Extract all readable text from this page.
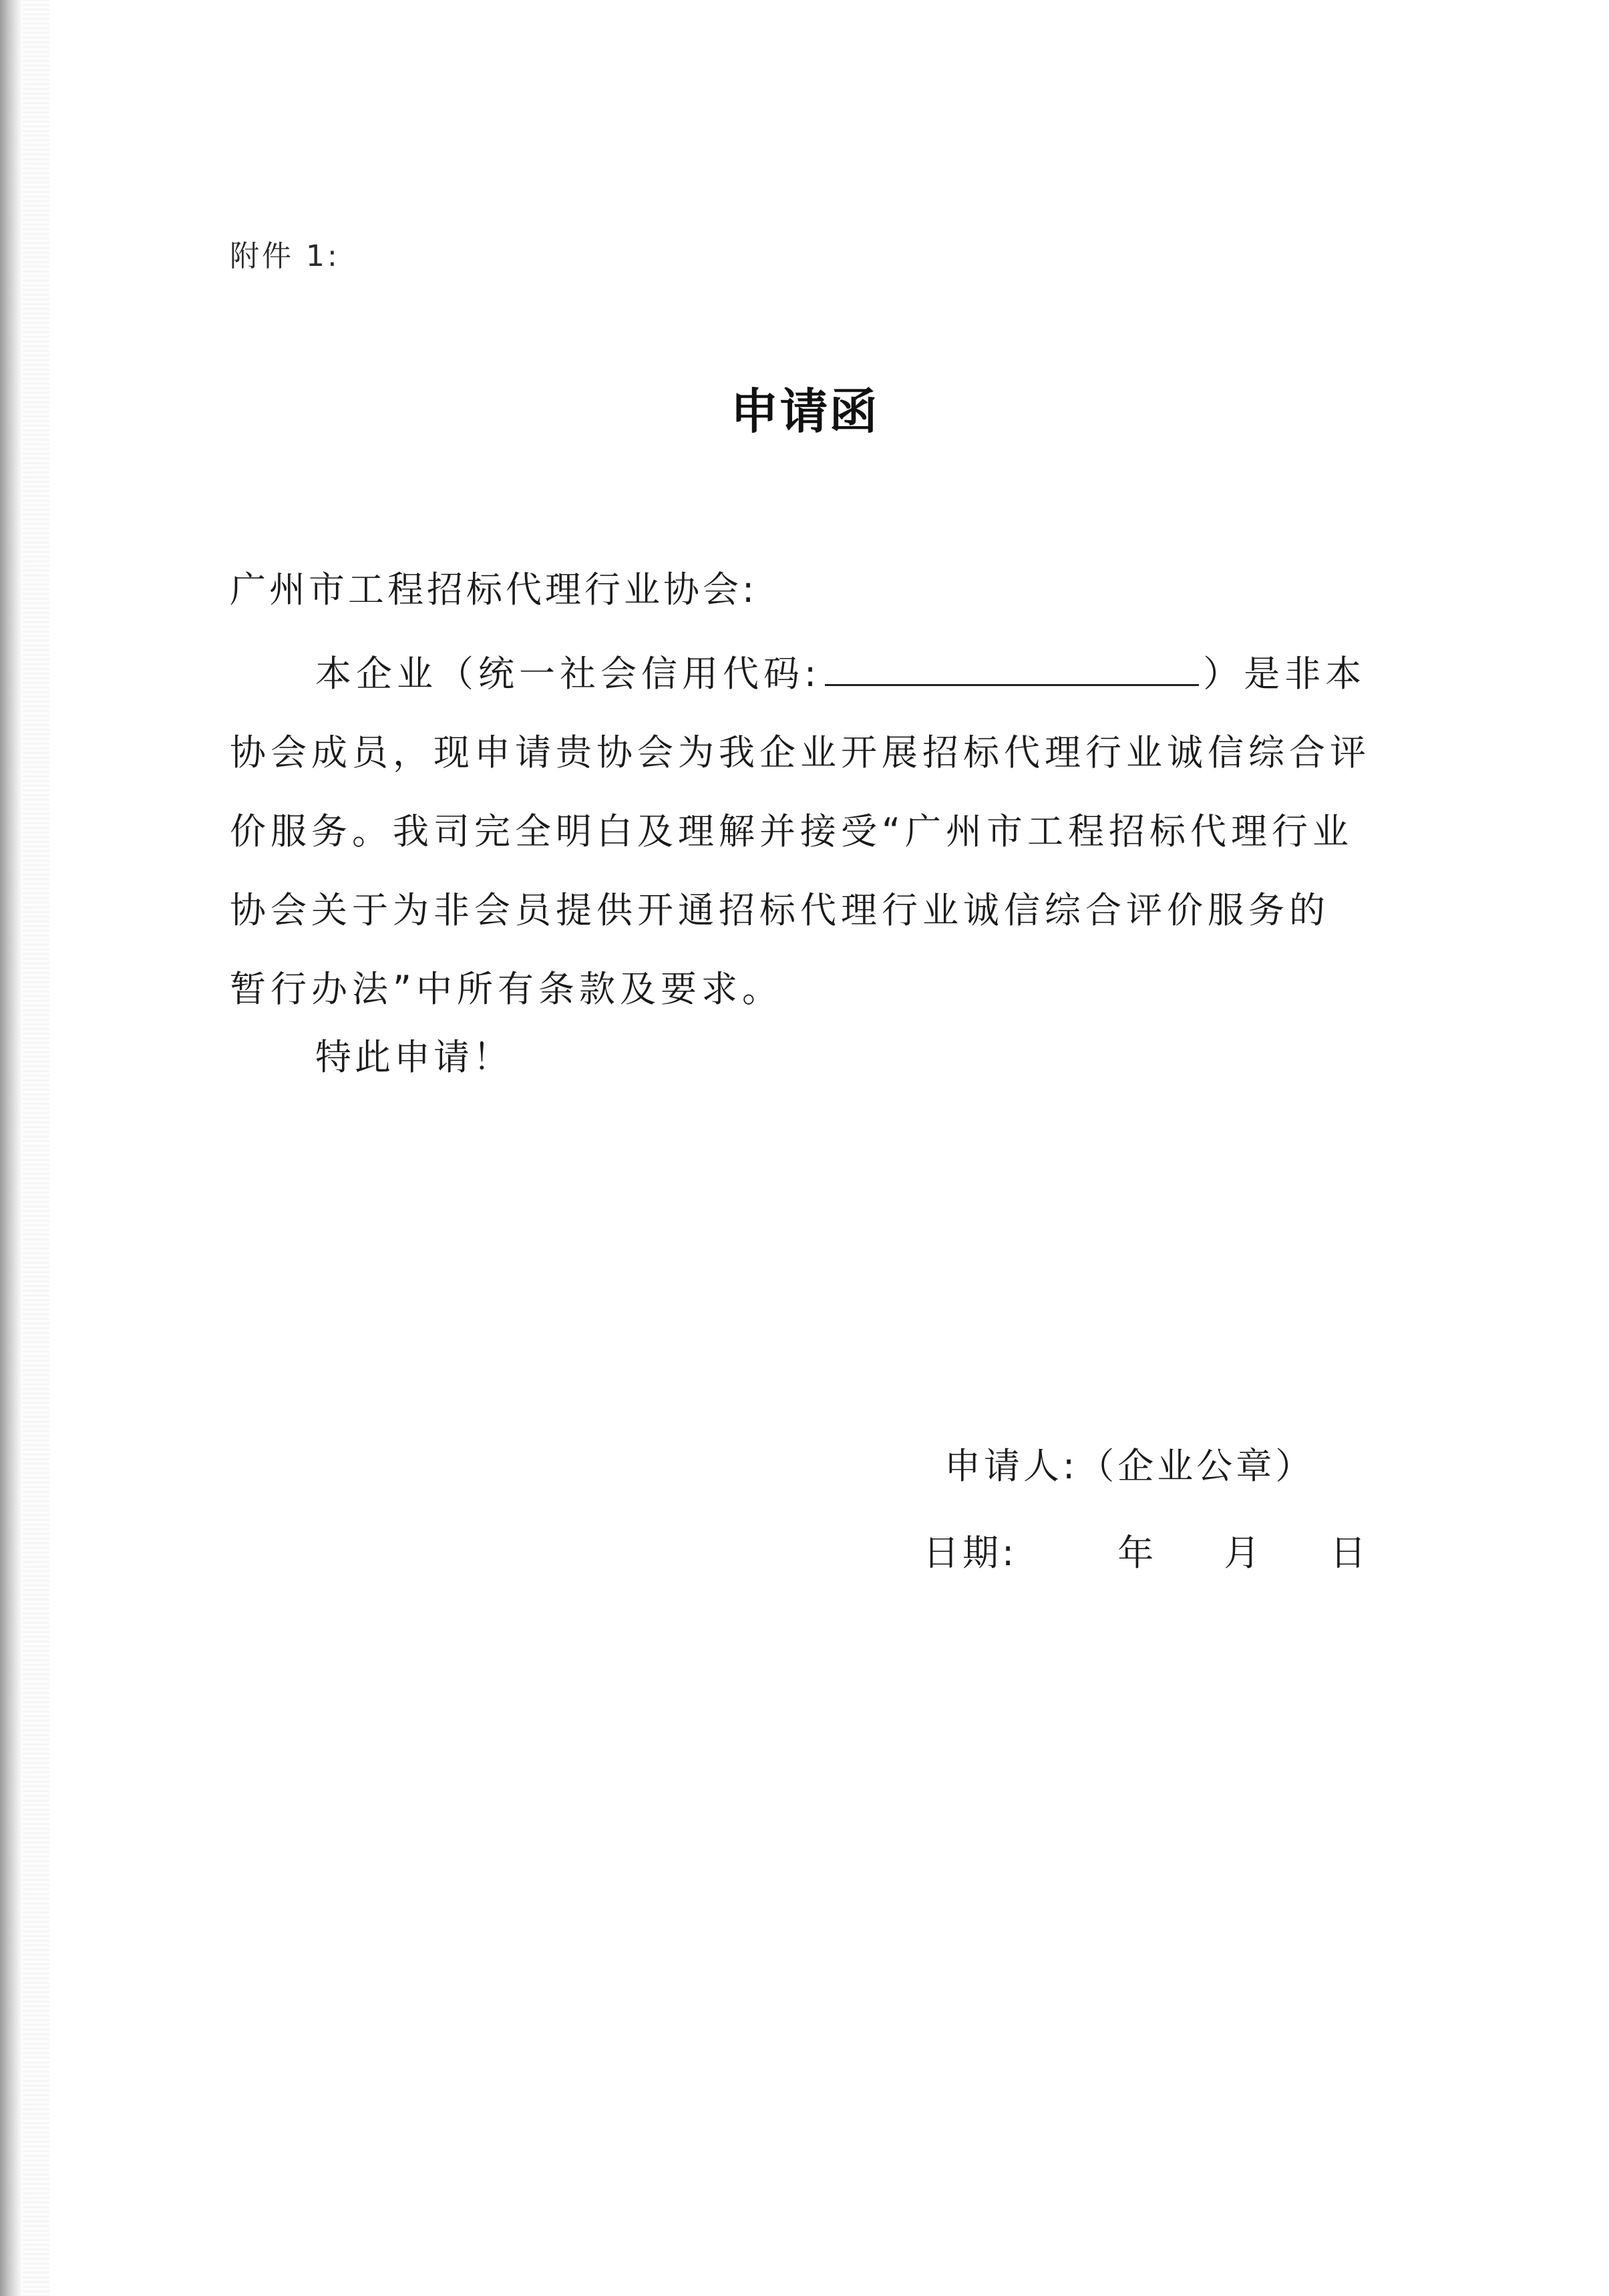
附件 1:
申请函
广州市工程招标代理行业协会:
本企业（统一社会信用代码:	）是非本
协会成员，现申请贵协会为我企业开展招标代理行业诚信综合评
价服务。我司完全明白及理解并接受“广州市工程招标代理行业
协会关于为非会员提供开通招标代理行业诚信综合评价服务的
暂行办法”中所有条款及要求。
特此申请！
申请人:（企业公章）
日期:	年 月 日
